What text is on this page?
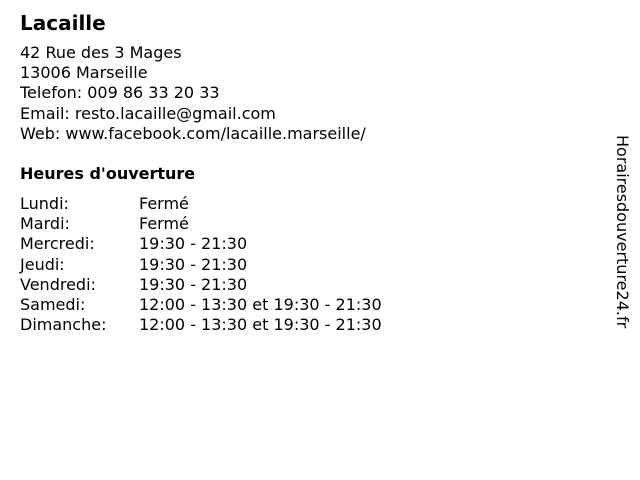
Lacaille
42 Rue des 3 Mages
13006 Marseille
Telefon: 009 86 33 20 33
Email: resto.lacaille@gmail.com
Web: www.facebook.com/lacaille.marseille/
Heures d'ouverture
Lundi:	Fermé
Mardi:	Fermé
Mercredi:	19:30 - 21:30
Jeudi:	19:30 - 21:30
Vendredi:	19:30 - 21:30
Samedi:	12:00 - 13:30 et 19:30 - 21:30
Dimanche:	12:00 - 13:30 et 19:30 - 21:30	Horairesdouverture24.fr
